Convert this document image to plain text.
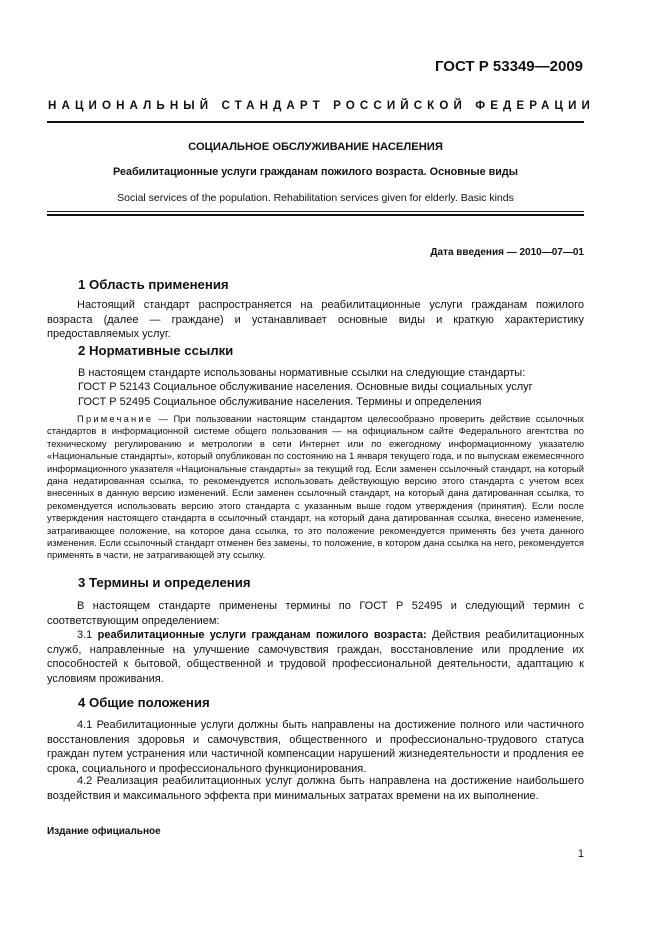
ГОСТ Р 53349—2009
НАЦИОНАЛЬНЫЙ СТАНДАРТ РОССИЙСКОЙ ФЕДЕРАЦИИ
СОЦИАЛЬНОЕ ОБСЛУЖИВАНИЕ НАСЕЛЕНИЯ
Реабилитационные услуги гражданам пожилого возраста. Основные виды
Social services of the population. Rehabilitation services given for elderly. Basic kinds
Дата введения — 2010—07—01
1 Область применения
Настоящий стандарт распространяется на реабилитационные услуги гражданам пожилого возраста (далее — граждане) и устанавливает основные виды и краткую характеристику предоставляемых услуг.
2 Нормативные ссылки
В настоящем стандарте использованы нормативные ссылки на следующие стандарты:
ГОСТ Р 52143 Социальное обслуживание населения. Основные виды социальных услуг
ГОСТ Р 52495 Социальное обслуживание населения. Термины и определения
Примечание — При пользовании настоящим стандартом целесообразно проверить действие ссылочных стандартов в информационной системе общего пользования — на официальном сайте Федерального агентства по техническому регулированию и метрологии в сети Интернет или по ежегодному информационному указателю «Национальные стандарты», который опубликован по состоянию на 1 января текущего года, и по выпускам ежемесячного информационного указателя «Национальные стандарты» за текущий год. Если заменен ссылочный стандарт, на который дана недатированная ссылка, то рекомендуется использовать действующую версию этого стандарта с учетом всех внесенных в данную версию изменений. Если заменен ссылочный стандарт, на который дана датированная ссылка, то рекомендуется использовать версию этого стандарта с указанным выше годом утверждения (принятия). Если после утверждения настоящего стандарта в ссылочный стандарт, на который дана датированная ссылка, внесено изменение, затрагивающее положение, на которое дана ссылка, то это положение рекомендуется применять без учета данного изменения. Если ссылочный стандарт отменен без замены, то положение, в котором дана ссылка на него, рекомендуется применять в части, не затрагивающей эту ссылку.
3 Термины и определения
В настоящем стандарте применены термины по ГОСТ Р 52495 и следующий термин с соответствующим определением:
3.1 реабилитационные услуги гражданам пожилого возраста: Действия реабилитационных служб, направленные на улучшение самочувствия граждан, восстановление или продление их способностей к бытовой, общественной и трудовой профессиональной деятельности, адаптацию к условиям проживания.
4 Общие положения
4.1 Реабилитационные услуги должны быть направлены на достижение полного или частичного восстановления здоровья и самочувствия, общественного и профессионально-трудового статуса граждан путем устранения или частичной компенсации нарушений жизнедеятельности и продления ее срока, социального и профессионального функционирования.
4.2 Реализация реабилитационных услуг должна быть направлена на достижение наибольшего воздействия и максимального эффекта при минимальных затратах времени на их выполнение.
Издание официальное
1
